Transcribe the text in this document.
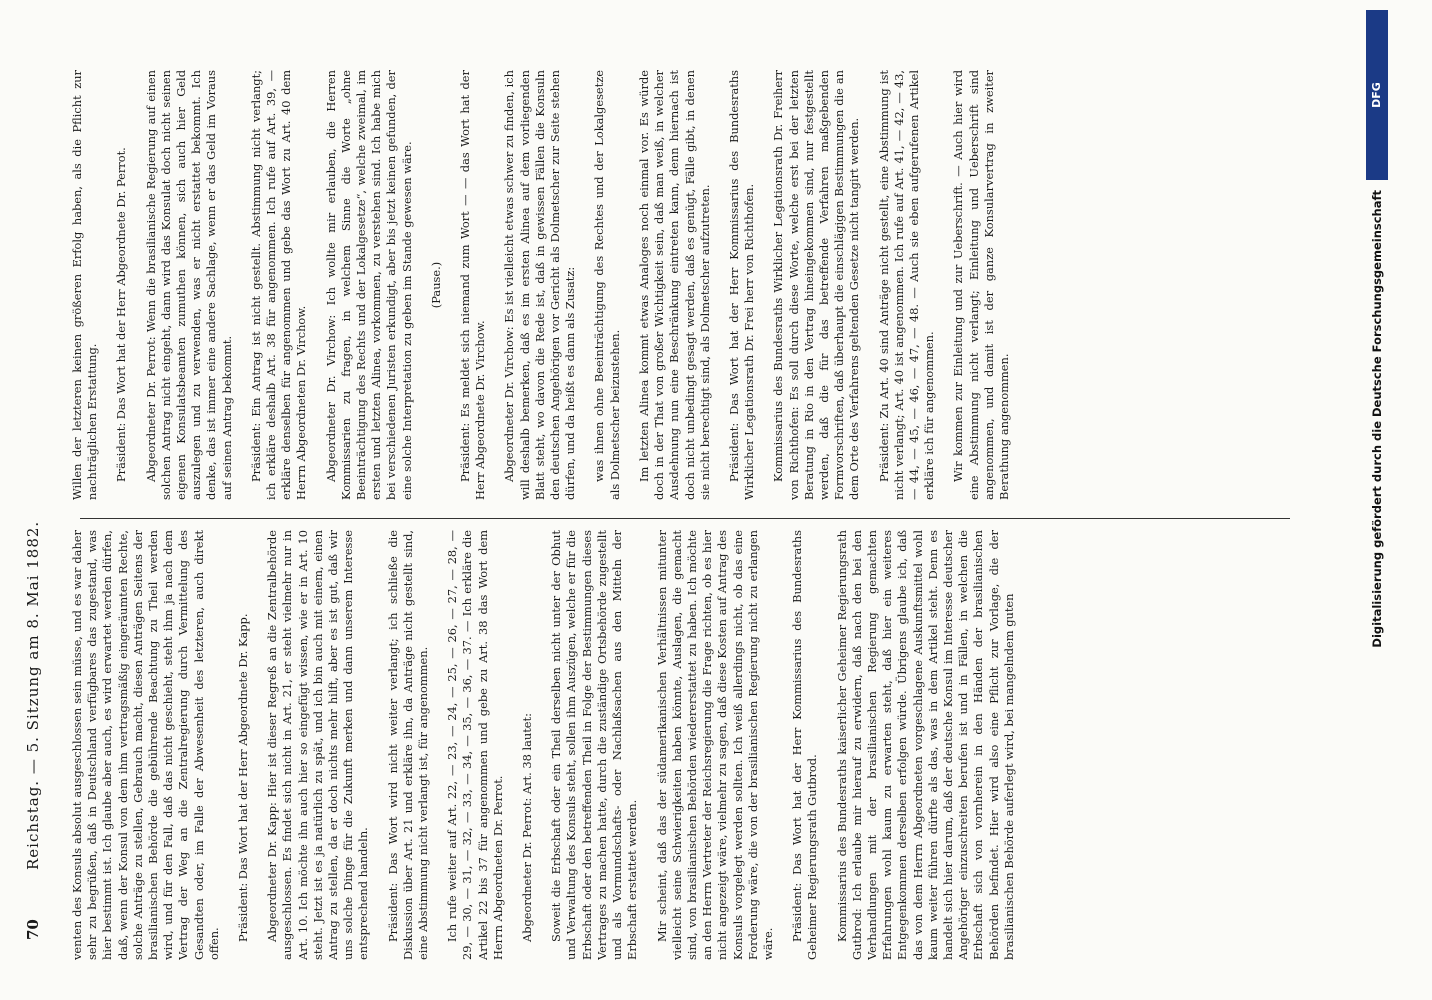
70
Reichstag. — 5. Sitzung am 8. Mai 1882. venten des Konsuls absolut ausgeschlossen sein müsse, und es war daher sehr zu begrüßen, daß in Deutschland verfügbares das zugestand, was hier bestimmt ist. Ich glaube aber auch, es wird erwartet werden dürfen, daß, wenn der Konsul von dem ihm vertragsmäßig eingeräumten Rechte, solche Anträge zu stellen, Gebrauch macht, diesen Anträgen Seitens der brasilianischen Behörde die gebührende Beachtung zu Theil werden wird, und für den Fall, daß das nicht geschieht, steht ihm ja nach dem Vertrag der Weg an die Zentralregierung durch Vermittelung des Gesandten oder, im Falle der Abwesenheit des letzteren, auch direkt offen.

Präsident: Das Wort hat der Herr Abgeordnete Dr. Kapp. Abgeordneter Dr. Kapp: Hier ist dieser Regreß an die Zentralbehörde ausgeschlossen. Es findet sich nicht in Art. 21, er steht vielmehr nur in Art. 10. Ich möchte ihn auch hier so eingefügt wissen, wie er in Art. 10 steht. Jetzt ist es ja natürlich zu spät, und ich bin auch mit einem, einen Antrag zu stellen, da er doch nichts mehr hilft, aber es ist gut, daß wir uns solche Dinge für die Zukunft merken und dann unserem Interesse entsprechend handeln. Präsident: Das Wort wird nicht weiter verlangt; ich schließe die Diskussion über Art. 21 und erkläre ihn, da Anträge nicht gestellt sind, eine Abstimmung nicht verlangt ist, für angenommen. Ich rufe weiter auf Art. 22, — 23, — 24, — 25, — 26, — 27, — 28, — 29, — 30, — 31, — 32, — 33, — 34, — 35, — 36, — 37. — Ich erkläre die Artikel 22 bis 37 für angenommen und gebe zu Art. 38 das Wort dem Herrn Abgeordneten Dr. Perrot. Abgeordneter Dr. Perrot: Art. 38 lautet: Soweit die Erbschaft oder ein Theil derselben nicht unter der Obhut und Verwaltung des Konsuls steht, sollen ihm Auszügen, welche er für die Erbschaft oder den betreffenden Theil in Folge der Bestimmungen dieses Vertrages zu machen hatte, durch die zuständige Ortsbehörde zugestellt und als Vormundschafts- oder Nachlaßsachen aus den Mitteln der Erbschaft erstattet werden. Mir scheint, daß das der südamerikanischen Verhältnissen mitunter vielleicht seine Schwierigkeiten haben könnte, Auslagen, die gemacht sind, von brasilianischen Behörden wiedererstattet zu haben. Ich möchte an den Herrn Vertreter der Reichsregierung die Frage richten, ob es hier nicht angezeigt wäre, vielmehr zu sagen, daß diese Kosten auf Antrag des Konsuls vorgelegt werden sollten. Ich weiß allerdings nicht, ob das eine Forderung wäre, die von der brasilianischen Regierung nicht zu erlangen wäre.

Präsident: Das Wort hat der Herr Kommissarius des Bundesraths Geheimer Regierungsrath Gutbrod. Kommissarius des Bundesraths kaiserlicher Geheimer Regierungsrath Gutbrod: Ich erlaube mir hierauf zu erwidern, daß nach den bei den Verhandlungen mit der brasilianischen Regierung gemachten Erfahrungen wohl kaum zu erwarten steht, daß hier ein weiteres Entgegenkommen derselben erfolgen würde. Übrigens glaube ich, daß das von dem Herrn Abgeordneten vorgeschlagene Auskunftsmittel wohl kaum weiter führen dürfte als das, was in dem Artikel steht. Denn es handelt sich hier darum, daß der deutsche Konsul im Interesse deutscher Angehöriger einzuschreiten berufen ist und in Fällen, in welchen die Erbschaft sich von vornherein in den Händen der brasilianischen Behörden befindet. Hier wird also eine Pflicht zur Vorlage, die der brasilianischen Behörde auferlegt wird, bei mangelndem guten

Willen der letzteren keinen größeren Erfolg haben, als die Pflicht zur nachträglichen Erstattung. Präsident: Das Wort hat der Herr Abgeordnete Dr. Perrot. Abgeordneter Dr. Perrot: Wenn die brasilianische Regierung auf einen solchen Antrag nicht eingeht, dann wird das Konsulat doch nicht seinen eigenen Konsulatsbeamten zumuthen können, sich auch hier Geld auszulegen und zu verwenden, was er nicht erstattet bekommt. Ich denke, das ist immer eine andere Sachlage, wenn er das Geld im Voraus auf seinen Antrag bekommt. Präsident: Ein Antrag ist nicht gestellt. Abstimmung nicht verlangt; ich erkläre deshalb Art. 38 für angenommen. Ich rufe auf Art. 39, — erkläre denselben für angenommen und gebe das Wort zu Art. 40 dem Herrn Abgeordneten Dr. Virchow. Abgeordneter Dr. Virchow: Ich wollte mir erlauben, die Herren Kommissarien zu fragen, in welchem Sinne die Worte „ohne Beeinträchtigung des Rechts und der Lokalgesetze“, welche zweimal, im ersten und letzten Alinea, vorkommen, zu verstehen sind. Ich habe mich bei verschiedenen Juristen erkundigt, aber bis jetzt keinen gefunden, der eine solche Interpretation zu geben im Stande gewesen wäre. (Pause.) Präsident: Es meldet sich niemand zum Wort — — das Wort hat der Herr Abgeordnete Dr. Virchow. Abgeordneter Dr. Virchow: Es ist vielleicht etwas schwer zu finden, ich will deshalb bemerken, daß es im ersten Alinea auf dem vorliegenden Blatt steht, wo davon die Rede ist, daß in gewissen Fällen die Konsuln den deutschen Angehörigen vor Gericht als Dolmetscher zur Seite stehen dürfen, und da heißt es dann als Zusatz: was ihnen ohne Beeinträchtigung des Rechtes und der Lokalgesetze als Dolmetscher beizustehen. Im letzten Alinea kommt etwas Analoges noch einmal vor. Es würde doch in der That von großer Wichtigkeit sein, daß man weiß, in welcher Ausdehnung nun eine Beschränkung eintreten kann, denn hiernach ist doch nicht unbedingt gesagt werden, daß es genügt, Fälle gibt, in denen sie nicht berechtigt sind, als Dolmetscher aufzutreten. Präsident: Das Wort hat der Herr Kommissarius des Bundesraths Wirklicher Legationsrath Dr. Frei herr von Richthofen. Kommissarius des Bundesraths Wirklicher Legationsrath Dr. Freiherr von Richthofen: Es soll durch diese Worte, welche erst bei der letzten Beratung in Rio in den Vertrag hineingekommen sind, nur festgestellt werden, daß die für das betreffende Verfahren maßgebenden Formvorschriften, daß überhaupt die einschlägigen Bestimmungen die an dem Orte des Verfahrens geltenden Gesetze nicht tangirt werden. Präsident: Zu Art. 40 sind Anträge nicht gestellt, eine Abstimmung ist nicht verlangt; Art. 40 ist angenommen. Ich rufe auf Art. 41, — 42, — 43, — 44, — 45, — 46, — 47, — 48. — Auch sie eben aufgerufenen Artikel erkläre ich für angenommen. Wir kommen zur Einleitung und zur Ueberschrift. — Auch hier wird eine Abstimmung nicht verlangt; Einleitung und Ueberschrift sind angenommen, und damit ist der ganze Konsularvertrag in zweiter Berathung angenommen.	Digitalisierung gefördert durch die Deutsche Forschungsgemeinschaft
DFG
